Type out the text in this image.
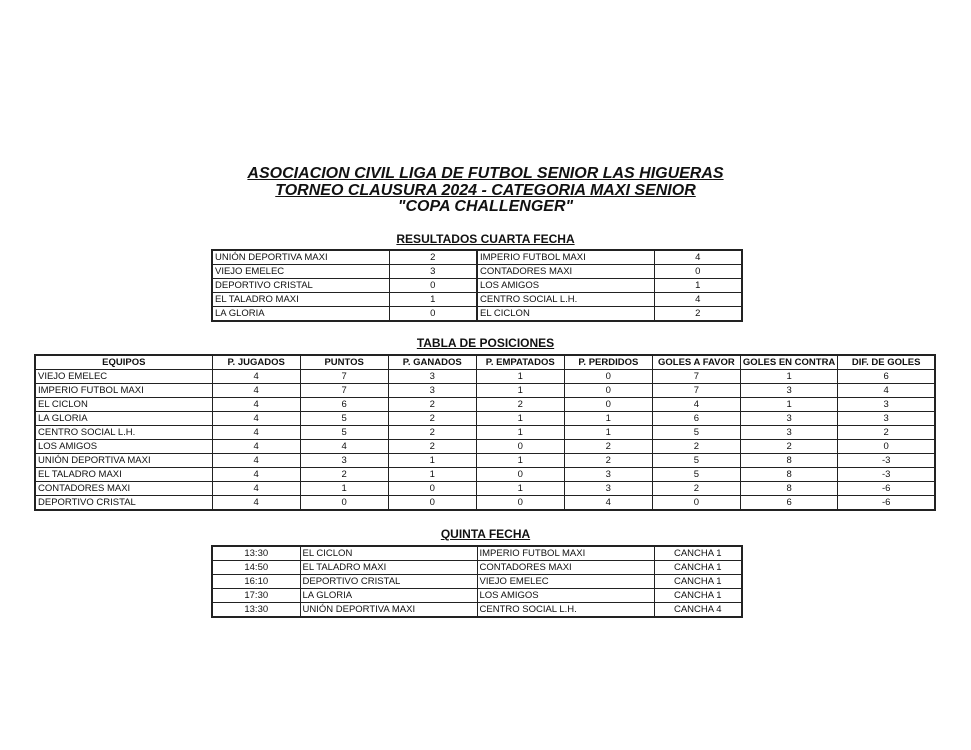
ASOCIACION CIVIL LIGA DE FUTBOL SENIOR LAS HIGUERAS
TORNEO CLAUSURA 2024 - CATEGORIA MAXI SENIOR
"COPA CHALLENGER"
RESULTADOS CUARTA FECHA
UNIÓN DEPORTIVA MAXI	2	IMPERIO FUTBOL MAXI	4
VIEJO EMELEC	3	CONTADORES MAXI	0
DEPORTIVO CRISTAL	0	LOS AMIGOS	1
EL TALADRO MAXI	1	CENTRO SOCIAL L.H.	4
LA GLORIA	0	EL CICLON	2
TABLA DE POSICIONES
EQUIPOS	P. JUGADOS	PUNTOS	P. GANADOS	P. EMPATADOS	P. PERDIDOS	GOLES A FAVOR	GOLES EN CONTRA	DIF. DE GOLES
VIEJO EMELEC	4	7	3	1	0	7	1	6
IMPERIO FUTBOL MAXI	4	7	3	1	0	7	3	4
EL CICLON	4	6	2	2	0	4	1	3
LA GLORIA	4	5	2	1	1	6	3	3
CENTRO SOCIAL L.H.	4	5	2	1	1	5	3	2
LOS AMIGOS	4	4	2	0	2	2	2	0
UNIÓN DEPORTIVA MAXI	4	3	1	1	2	5	8	-3
EL TALADRO MAXI	4	2	1	0	3	5	8	-3
CONTADORES MAXI	4	1	0	1	3	2	8	-6
DEPORTIVO CRISTAL	4	0	0	0	4	0	6	-6
QUINTA FECHA
13:30	EL CICLON	IMPERIO FUTBOL MAXI	CANCHA 1
14:50	EL TALADRO MAXI	CONTADORES MAXI	CANCHA 1
16:10	DEPORTIVO CRISTAL	VIEJO EMELEC	CANCHA 1
17:30	LA GLORIA	LOS AMIGOS	CANCHA 1
13:30	UNIÓN DEPORTIVA MAXI	CENTRO SOCIAL L.H.	CANCHA 4
